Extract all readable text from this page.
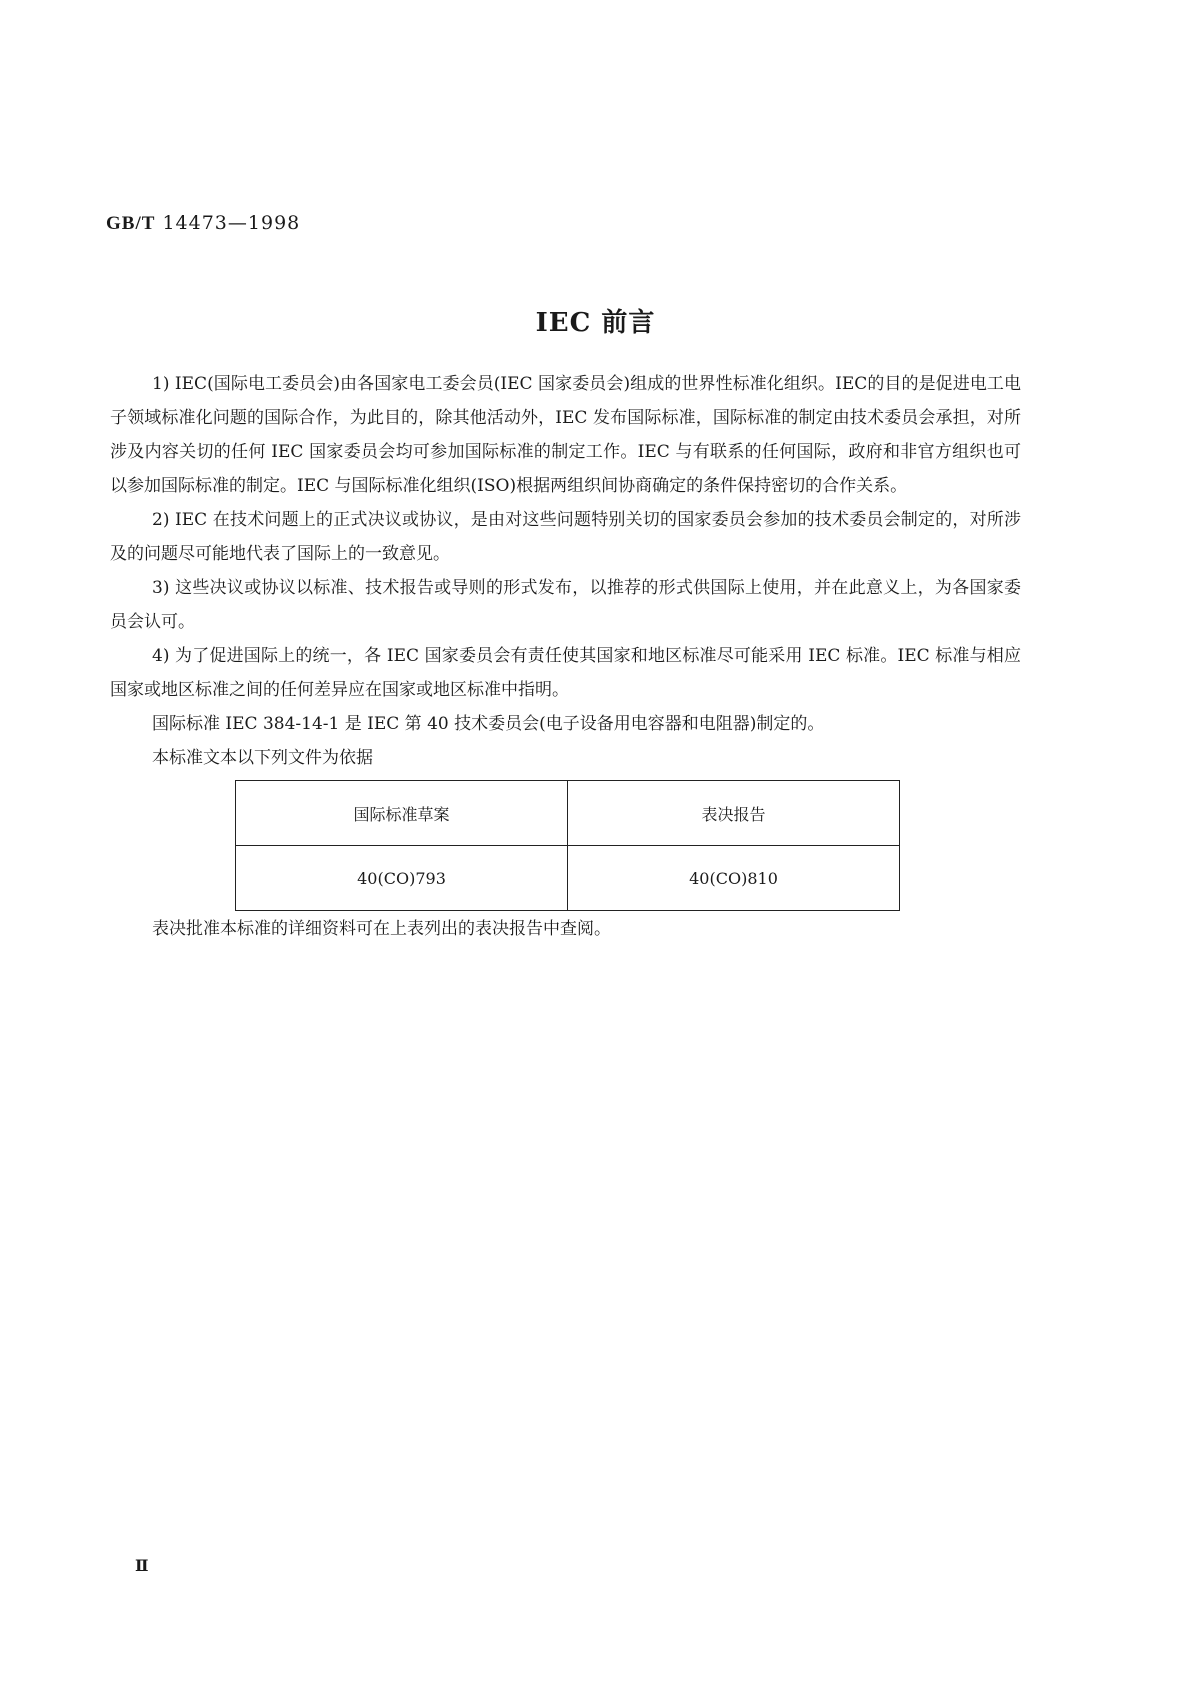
GB/T 14473—1998
IEC 前言

1) IEC(国际电工委员会)由各国家电工委会员(IEC 国家委员会)组成的世界性标准化组织。IEC的目的是促进电工电子领域标准化问题的国际合作，为此目的，除其他活动外，IEC 发布国际标准，国际标准的制定由技术委员会承担，对所涉及内容关切的任何 IEC 国家委员会均可参加国际标准的制定工作。IEC 与有联系的任何国际，政府和非官方组织也可以参加国际标准的制定。IEC 与国际标准化组织(ISO)根据两组织间协商确定的条件保持密切的合作关系。

2) IEC 在技术问题上的正式决议或协议，是由对这些问题特别关切的国家委员会参加的技术委员会制定的，对所涉及的问题尽可能地代表了国际上的一致意见。

3) 这些决议或协议以标准、技术报告或导则的形式发布，以推荐的形式供国际上使用，并在此意义上，为各国家委员会认可。

4) 为了促进国际上的统一，各 IEC 国家委员会有责任使其国家和地区标准尽可能采用 IEC 标准。IEC 标准与相应国家或地区标准之间的任何差异应在国家或地区标准中指明。

国际标准 IEC 384-14-1 是 IEC 第 40 技术委员会(电子设备用电容器和电阻器)制定的。

本标准文本以下列文件为依据

国际标准草案	表决报告
40(CO)793	40(CO)810
表决批准本标准的详细资料可在上表列出的表决报告中查阅。
Ⅱ
